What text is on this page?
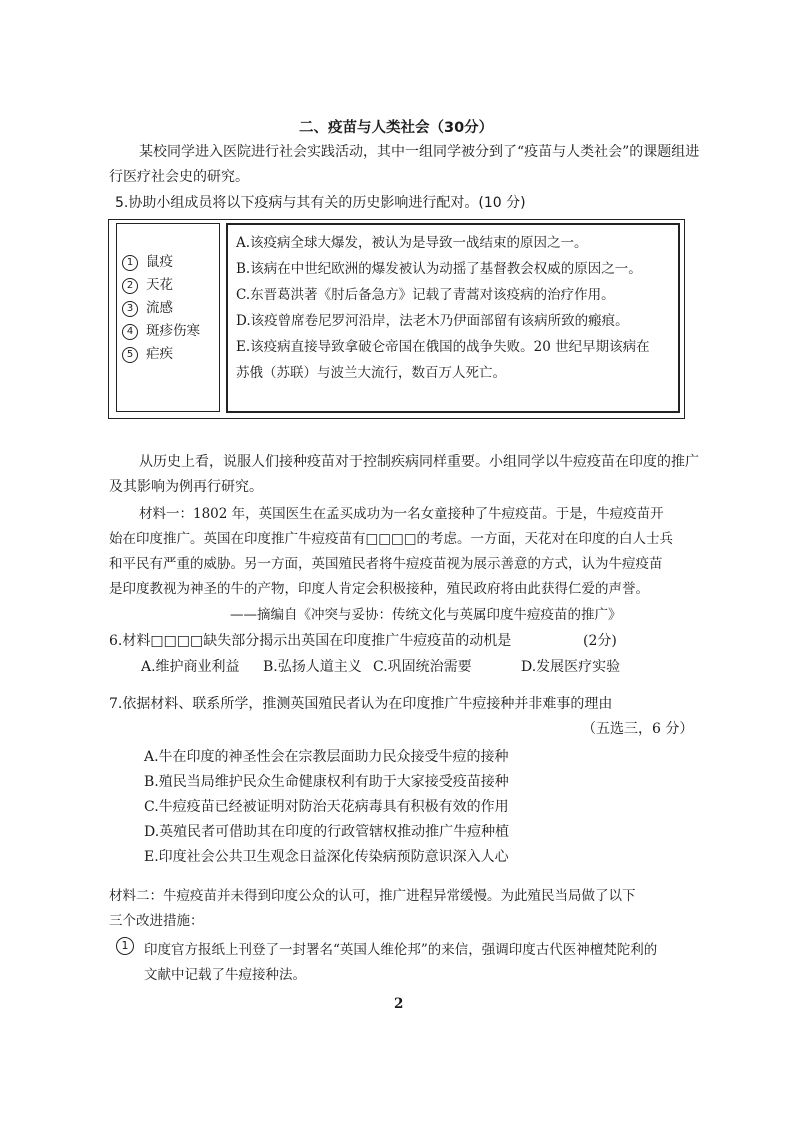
二、疫苗与人类社会（30分）
某校同学进入医院进行社会实践活动，其中一组同学被分到了“疫苗与人类社会”的课题组进
行医疗社会史的研究。
5.协助小组成员将以下疫病与其有关的历史影响进行配对。(10 分)
1 鼠疫
2 天花
3 流感
4 斑疹伤寒
5 疟疾
A.该疫病全球大爆发，被认为是导致一战结束的原因之一。
B.该病在中世纪欧洲的爆发被认为动摇了基督教会权威的原因之一。
C.东晋葛洪著《肘后备急方》记载了青蒿对该疫病的治疗作用。
D.该疫曾席卷尼罗河沿岸，法老木乃伊面部留有该病所致的瘢痕。
E.该疫病直接导致拿破仑帝国在俄国的战争失败。20 世纪早期该病在
苏俄（苏联）与波兰大流行，数百万人死亡。
从历史上看，说服人们接种疫苗对于控制疾病同样重要。小组同学以牛痘疫苗在印度的推广
及其影响为例再行研究。
材料一：1802 年，英国医生在孟买成功为一名女童接种了牛痘疫苗。于是，牛痘疫苗开
始在印度推广。英国在印度推广牛痘疫苗有□□□□的考虑。一方面，天花对在印度的白人士兵
和平民有严重的威胁。另一方面，英国殖民者将牛痘疫苗视为展示善意的方式，认为牛痘疫苗
是印度教视为神圣的牛的产物，印度人肯定会积极接种，殖民政府将由此获得仁爱的声誉。
——摘编自《冲突与妥协：传统文化与英属印度牛痘疫苗的推广》
6.材料□□□□缺失部分揭示出英国在印度推广牛痘疫苗的动机是	(2分)
A.维护商业利益 B.弘扬人道主义 C.巩固统治需要	D.发展医疗实验
7.依据材料、联系所学，推测英国殖民者认为在印度推广牛痘接种并非难事的理由
（五选三，6 分）
A.牛在印度的神圣性会在宗教层面助力民众接受牛痘的接种
B.殖民当局维护民众生命健康权利有助于大家接受疫苗接种
C.牛痘疫苗已经被证明对防治天花病毒具有积极有效的作用
D.英殖民者可借助其在印度的行政管辖权推动推广牛痘种植
E.印度社会公共卫生观念日益深化传染病预防意识深入人心
材料二：牛痘疫苗并未得到印度公众的认可，推广进程异常缓慢。为此殖民当局做了以下
三个改进措施：
1	印度官方报纸上刊登了一封署名“英国人维伦邦”的来信，强调印度古代医神檀梵陀利的
文献中记载了牛痘接种法。
2
